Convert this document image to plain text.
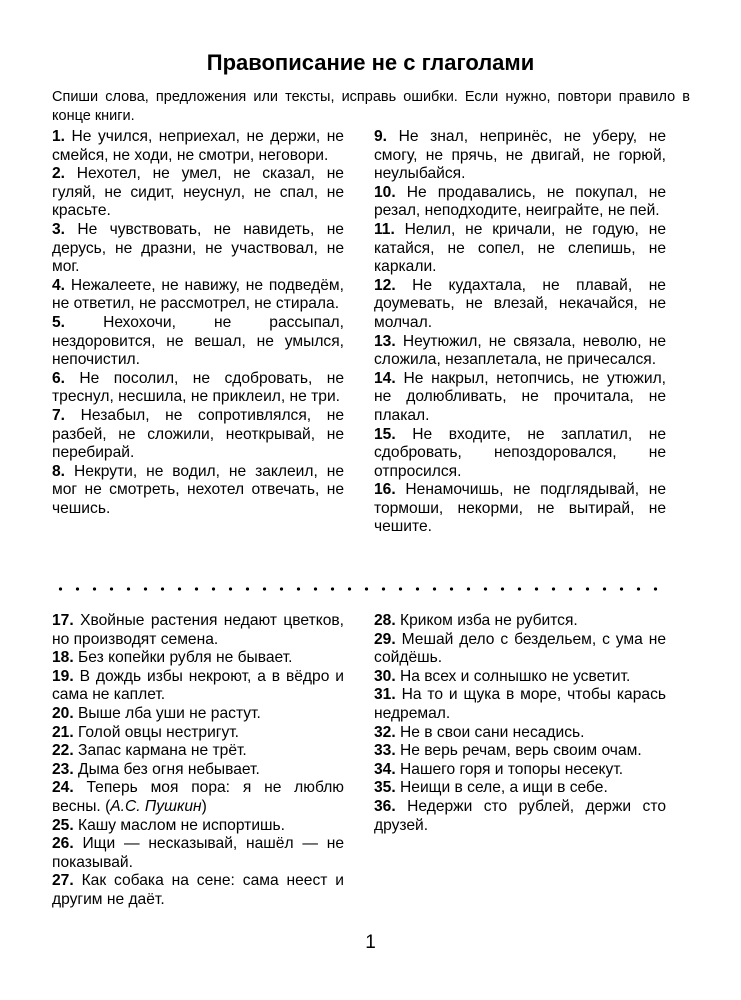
Правописание не с глаголами
Спиши слова, предложения или тексты, исправь ошибки. Если нужно, повтори правило в конце книги.

1. Не учился, неприехал, не держи, не смейся, не ходи, не смотри, неговори.

2. Нехотел, не умел, не сказал, не гуляй, не сидит, неуснул, не спал, не красьте.

3. Не чувствовать, не навидеть, не дерусь, не дразни, не участвовал, не мог.

4. Нежалеете, не навижу, не подведём, не ответил, не рассмотрел, не стирала.

5. Нехохочи, не рассыпал, нездоровится, не вешал, не умылся, непочистил.

6. Не посолил, не сдобровать, не треснул, несшила, не приклеил, не три.

7. Незабыл, не сопротивлялся, не разбей, не сложили, неоткрывай, не перебирай.

8. Некрути, не водил, не заклеил, не мог не смотреть, нехотел отвечать, не чешись.

9. Не знал, непринёс, не уберу, не смогу, не прячь, не двигай, не горюй, неулыбайся.

10. Не продавались, не покупал, не резал, неподходите, неиграйте, не пей.

11. Нелил, не кричали, не годую, не катайся, не сопел, не слепишь, не каркали.

12. Не кудахтала, не плавай, не доумевать, не влезай, некачайся, не молчал.

13. Неутюжил, не связала, неволю, не сложила, незаплетала, не причесался.

14. Не накрыл, нетопчись, не утюжил, не долюбливать, не прочитала, не плакал.

15. Не входите, не заплатил, не сдобровать, непоздоровался, не отпросился.

16. Ненамочишь, не подглядывай, не тормоши, некорми, не вытирай, не чешите.

17. Хвойные растения недают цветков, но производят семена.

18. Без копейки рубля не бывает.

19. В дождь избы некроют, а в вёдро и сама не каплет.

20. Выше лба уши не растут.

21. Голой овцы нестригут.

22. Запас кармана не трёт.

23. Дыма без огня небывает.

24. Теперь моя пора: я не люблю весны. (А.С. Пушкин)

25. Кашу маслом не испортишь.

26. Ищи — несказывай, нашёл — не показывай.

27. Как собака на сене: сама неест и другим не даёт.

28. Криком изба не рубится.

29. Мешай дело с бездельем, с ума не сойдёшь.

30. На всех и солнышко не усветит.

31. На то и щука в море, чтобы карась недремал.

32. Не в свои сани несадись.

33. Не верь речам, верь своим очам.

34. Нашего горя и топоры несекут.

35. Неищи в селе, а ищи в себе.

36. Недержи сто рублей, держи сто друзей.

1
